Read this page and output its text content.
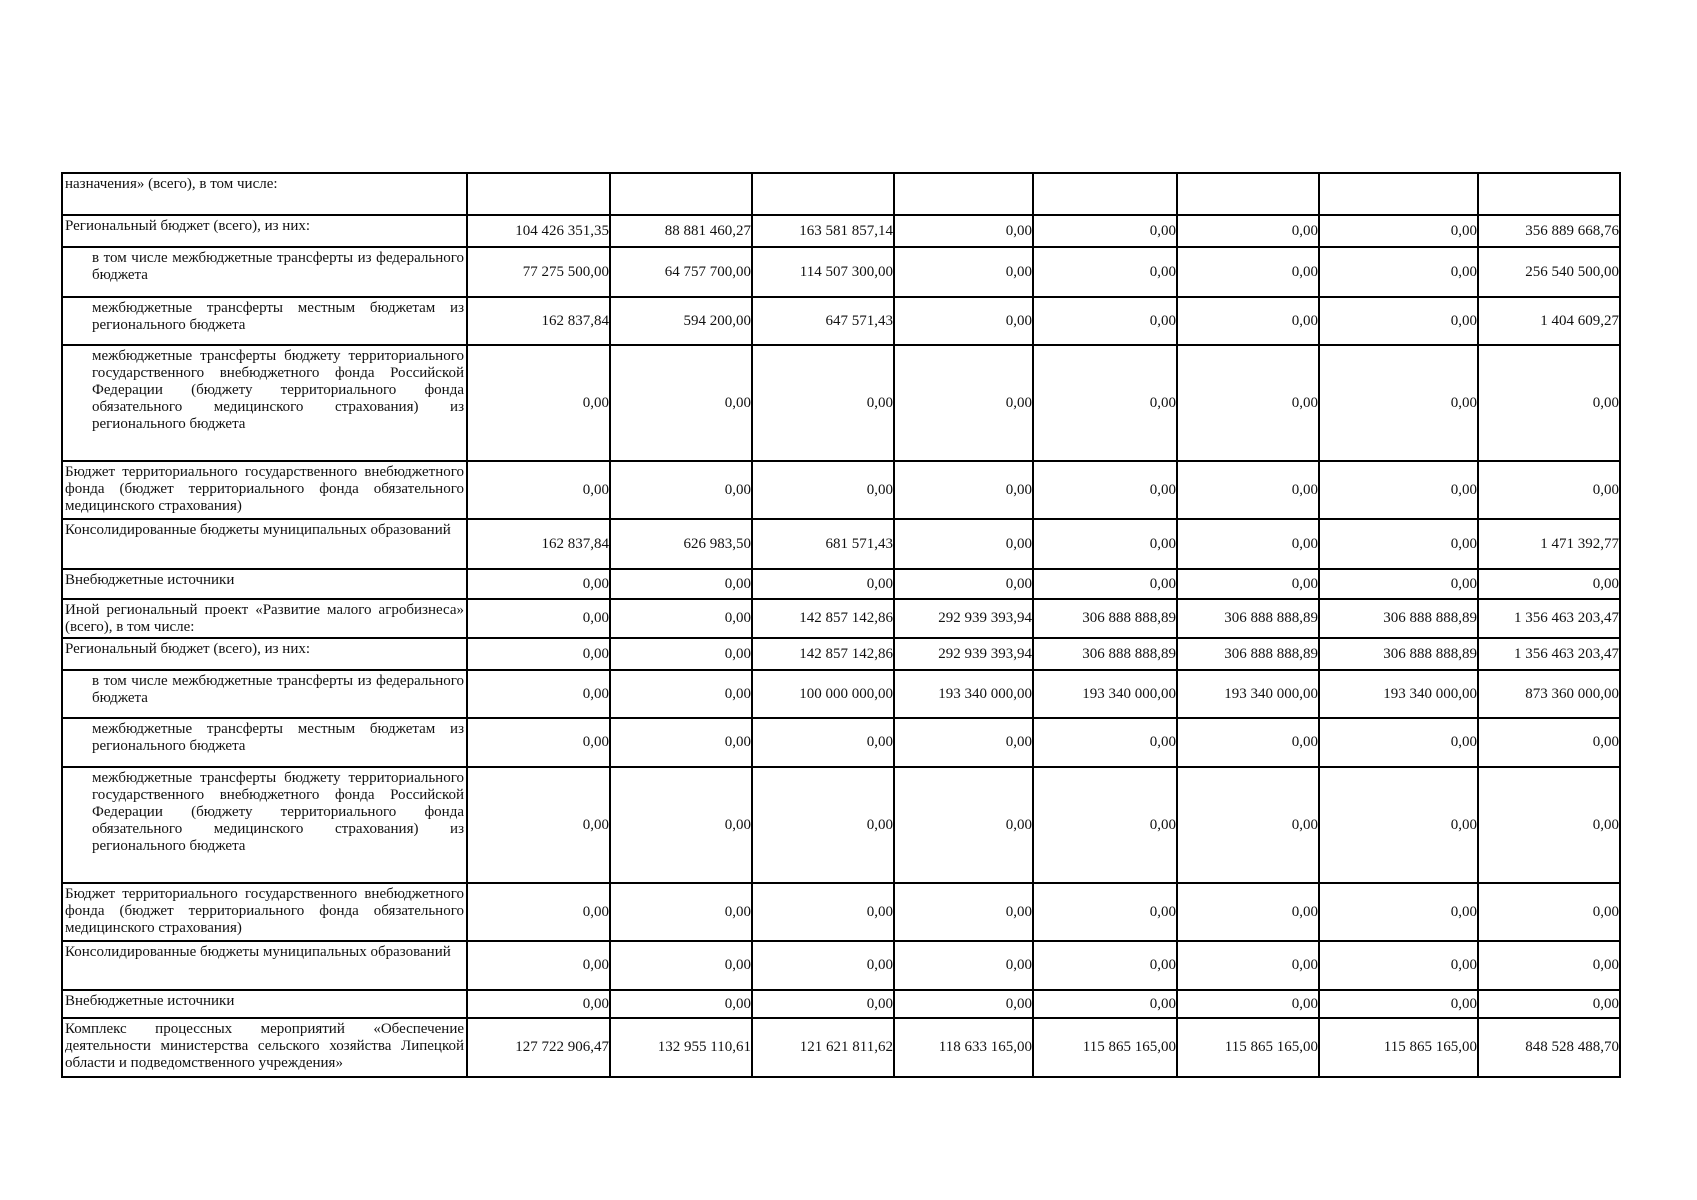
назначения» (всего), в том числе:								
Региональный бюджет (всего), из них:	104 426 351,35	88 881 460,27	163 581 857,14	0,00	0,00	0,00	0,00	356 889 668,76
в том числе межбюджетные трансферты из федерального бюджета	77 275 500,00	64 757 700,00	114 507 300,00	0,00	0,00	0,00	0,00	256 540 500,00
межбюджетные трансферты местным бюджетам из регионального бюджета	162 837,84	594 200,00	647 571,43	0,00	0,00	0,00	0,00	1 404 609,27
межбюджетные трансферты бюджету территориального государственного внебюджетного фонда Российской Федерации (бюджету территориального фонда обязательного медицинского страхования) из регионального бюджета	0,00	0,00	0,00	0,00	0,00	0,00	0,00	0,00
Бюджет территориального государственного внебюджетного фонда (бюджет территориального фонда обязательного медицинского страхования)	0,00	0,00	0,00	0,00	0,00	0,00	0,00	0,00
Консолидированные бюджеты муниципальных образований	162 837,84	626 983,50	681 571,43	0,00	0,00	0,00	0,00	1 471 392,77
Внебюджетные источники	0,00	0,00	0,00	0,00	0,00	0,00	0,00	0,00
Иной региональный проект «Развитие малого агробизнеса» (всего), в том числе:	0,00	0,00	142 857 142,86	292 939 393,94	306 888 888,89	306 888 888,89	306 888 888,89	1 356 463 203,47
Региональный бюджет (всего), из них:	0,00	0,00	142 857 142,86	292 939 393,94	306 888 888,89	306 888 888,89	306 888 888,89	1 356 463 203,47
в том числе межбюджетные трансферты из федерального бюджета	0,00	0,00	100 000 000,00	193 340 000,00	193 340 000,00	193 340 000,00	193 340 000,00	873 360 000,00
межбюджетные трансферты местным бюджетам из регионального бюджета	0,00	0,00	0,00	0,00	0,00	0,00	0,00	0,00
межбюджетные трансферты бюджету территориального государственного внебюджетного фонда Российской Федерации (бюджету территориального фонда обязательного медицинского страхования) из регионального бюджета	0,00	0,00	0,00	0,00	0,00	0,00	0,00	0,00
Бюджет территориального государственного внебюджетного фонда (бюджет территориального фонда обязательного медицинского страхования)	0,00	0,00	0,00	0,00	0,00	0,00	0,00	0,00
Консолидированные бюджеты муниципальных образований	0,00	0,00	0,00	0,00	0,00	0,00	0,00	0,00
Внебюджетные источники	0,00	0,00	0,00	0,00	0,00	0,00	0,00	0,00
Комплекс процессных мероприятий «Обеспечение деятельности министерства сельского хозяйства Липецкой области и подведомственного учреждения»	127 722 906,47	132 955 110,61	121 621 811,62	118 633 165,00	115 865 165,00	115 865 165,00	115 865 165,00	848 528 488,70
